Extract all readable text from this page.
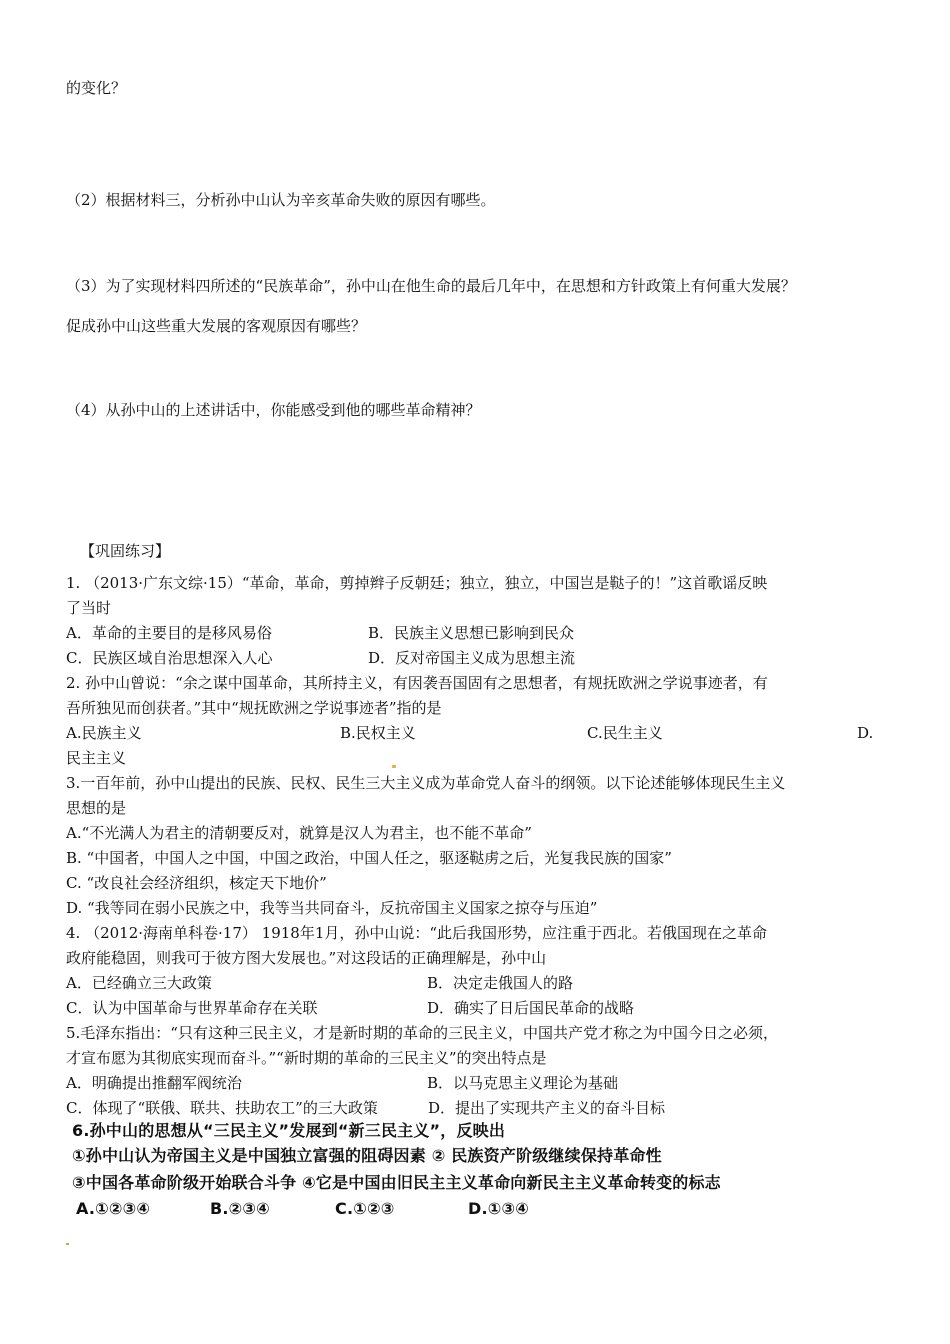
的变化？
（2）根据材料三，分析孙中山认为辛亥革命失败的原因有哪些。
（3）为了实现材料四所述的“民族革命”，孙中山在他生命的最后几年中，在思想和方针政策上有何重大发展？
促成孙中山这些重大发展的客观原因有哪些？
（4）从孙中山的上述讲话中，你能感受到他的哪些革命精神？
【巩固练习】
1. （2013·广东文综·15）“革命，革命，剪掉辫子反朝廷；独立，独立，中国岂是鞑子的！”这首歌谣反映
了当时
A．革命的主要目的是移风易俗	B．民族主义思想已影响到民众
C．民族区域自治思想深入人心	D．反对帝国主义成为思想主流
2. 孙中山曾说：“余之谋中国革命，其所持主义，有因袭吾国固有之思想者，有规抚欧洲之学说事迹者，有
吾所独见而创获者。”其中“规抚欧洲之学说事迹者”指的是
A.民族主义	B.民权主义	C.民生主义	D.
民主主义
3.一百年前，孙中山提出的民族、民权、民生三大主义成为革命党人奋斗的纲领。以下论述能够体现民生主义
思想的是
A.“不光满人为君主的清朝要反对，就算是汉人为君主，也不能不革命”
B. “中国者，中国人之中国，中国之政治，中国人任之，驱逐鞑虏之后，光复我民族的国家”
C. “改良社会经济组织，核定天下地价”
D. “我等同在弱小民族之中，我等当共同奋斗，反抗帝国主义国家之掠夺与压迫”
4. （2012·海南单科卷·17） 1918年1月，孙中山说：“此后我国形势，应注重于西北。若俄国现在之革命
政府能稳固，则我可于彼方图大发展也。”对这段话的正确理解是，孙中山
A．已经确立三大政策	B．决定走俄国人的路
C．认为中国革命与世界革命存在关联	D．确实了日后国民革命的战略
5.毛泽东指出：“只有这种三民主义，才是新时期的革命的三民主义，中国共产党才称之为中国今日之必须，
才宣布愿为其彻底实现而奋斗。”“新时期的革命的三民主义”的突出特点是
A．明确提出推翻军阀统治	B．以马克思主义理论为基础
C．体现了“联俄、联共、扶助农工”的三大政策	D．提出了实现共产主义的奋斗目标
6.孙中山的思想从“三民主义”发展到“新三民主义”，反映出
①孙中山认为帝国主义是中国独立富强的阻碍因素 ② 民族资产阶级继续保持革命性
③中国各革命阶级开始联合斗争 ④它是中国由旧民主主义革命向新民主主义革命转变的标志
A.①②③④	B.②③④	C.①②③	D.①③④
